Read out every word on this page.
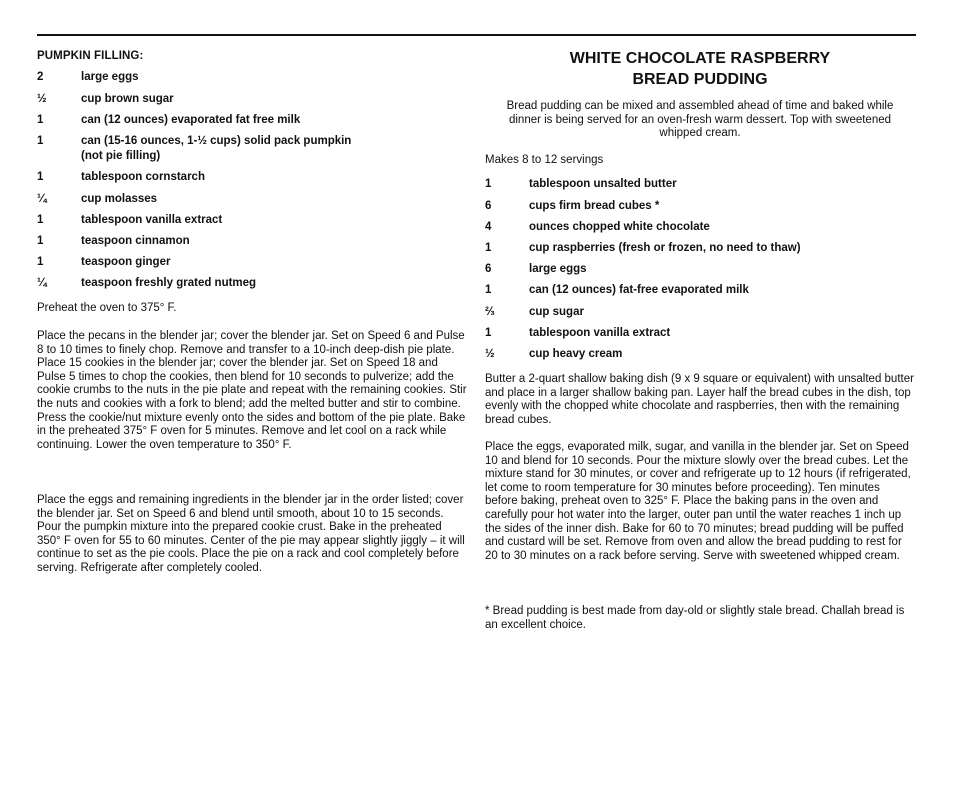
PUMPKIN FILLING:
2	large eggs
½	cup brown sugar
1	can (12 ounces) evaporated fat free milk
1	can (15-16 ounces, 1-½ cups) solid pack pumpkin
(not pie filling)
1	tablespoon cornstarch
¼	cup molasses
1	tablespoon vanilla extract
1	teaspoon cinnamon
1	teaspoon ginger
¼	teaspoon freshly grated nutmeg

Preheat the oven to 375° F.

Place the pecans in the blender jar; cover the blender jar. Set on Speed 6 and Pulse 8 to 10 times to finely chop. Remove and transfer to a 10-inch deep-dish pie plate. Place 15 cookies in the blender jar; cover the blender jar. Set on Speed 18 and Pulse 5 times to chop the cookies, then blend for 10 seconds to pulverize; add the cookie crumbs to the nuts in the pie plate and repeat with the remaining cookies. Stir the nuts and cookies with a fork to blend; add the melted butter and stir to combine. Press the cookie/nut mixture evenly onto the sides and bottom of the pie plate. Bake in the preheated 375° F oven for 5 minutes. Remove and let cool on a rack while continuing. Lower the oven temperature to 350° F.

Place the eggs and remaining ingredients in the blender jar in the order listed; cover the blender jar. Set on Speed 6 and blend until smooth, about 10 to 15 seconds. Pour the pumpkin mixture into the prepared cookie crust. Bake in the preheated 350° F oven for 55 to 60 minutes. Center of the pie may appear slightly jiggly – it will continue to set as the pie cools. Place the pie on a rack and cool completely before serving. Refrigerate after completely cooled.

WHITE CHOCOLATE RASPBERRY
BREAD PUDDING
Bread pudding can be mixed and assembled ahead of time and baked while dinner is being served for an oven-fresh warm dessert. Top with sweetened whipped cream.
Makes 8 to 12 servings
1	tablespoon unsalted butter
6	cups firm bread cubes *
4	ounces chopped white chocolate
1	cup raspberries (fresh or frozen, no need to thaw)
6	large eggs
1	can (12 ounces) fat-free evaporated milk
⅔	cup sugar
1	tablespoon vanilla extract
½	cup heavy cream

Butter a 2-quart shallow baking dish (9 x 9 square or equivalent) with unsalted butter and place in a larger shallow baking pan. Layer half the bread cubes in the dish, top evenly with the chopped white chocolate and raspberries, then with the remaining bread cubes.

Place the eggs, evaporated milk, sugar, and vanilla in the blender jar. Set on Speed 10 and blend for 10 seconds. Pour the mixture slowly over the bread cubes. Let the mixture stand for 30 minutes, or cover and refrigerate up to 12 hours (if refrigerated, let come to room temperature for 30 minutes before proceeding). Ten minutes before baking, preheat oven to 325° F. Place the baking pans in the oven and carefully pour hot water into the larger, outer pan until the water reaches 1 inch up the sides of the inner dish. Bake for 60 to 70 minutes; bread pudding will be puffed and custard will be set. Remove from oven and allow the bread pudding to rest for 20 to 30 minutes on a rack before serving. Serve with sweetened whipped cream.

* Bread pudding is best made from day-old or slightly stale bread. Challah bread is an excellent choice.
